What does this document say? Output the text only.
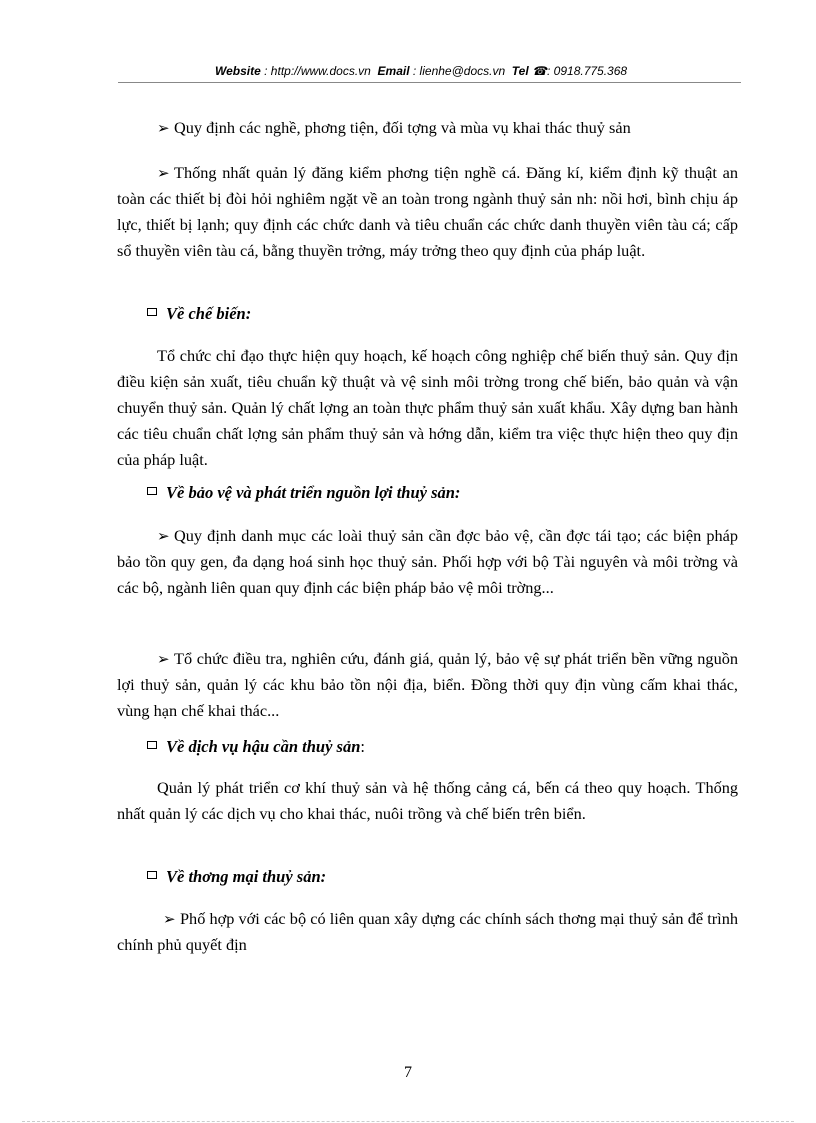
Website : http://www.docs.vn Email : lienhe@docs.vn Tel ☎: 0918.775.368
➢ Quy định các nghề, phơng tiện, đối tợng và mùa vụ khai thác thuỷ sản
➢ Thống nhất quản lý đăng kiểm phơng tiện nghề cá. Đăng kí, kiểm định kỹ thuật an toàn các thiết bị đòi hỏi nghiêm ngặt về an toàn trong ngành thuỷ sản nh: nồi hơi, bình chịu áp lực, thiết bị lạnh; quy định các chức danh và tiêu chuẩn các chức danh thuyền viên tàu cá; cấp sổ thuyền viên tàu cá, bằng thuyền trởng, máy trởng theo quy định của pháp luật.
Về chế biến:
Tổ chức chỉ đạo thực hiện quy hoạch, kế hoạch công nghiệp chế biến thuỷ sản. Quy địn điều kiện sản xuất, tiêu chuẩn kỹ thuật và vệ sinh môi trờng trong chế biến, bảo quản và vận chuyển thuỷ sản. Quản lý chất lợng an toàn thực phẩm thuỷ sản xuất khẩu. Xây dựng ban hành các tiêu chuẩn chất lợng sản phẩm thuỷ sản và hớng dẫn, kiểm tra việc thực hiện theo quy địn của pháp luật.
Về bảo vệ và phát triển nguồn lợi thuỷ sản:
➢ Quy định danh mục các loài thuỷ sản cần đợc bảo vệ, cần đợc tái tạo; các biện pháp bảo tồn quy gen, đa dạng hoá sinh học thuỷ sản. Phối hợp với bộ Tài nguyên và môi trờng và các bộ, ngành liên quan quy định các biện pháp bảo vệ môi trờng...
➢ Tổ chức điều tra, nghiên cứu, đánh giá, quản lý, bảo vệ sự phát triển bền vững nguồn lợi thuỷ sản, quản lý các khu bảo tồn nội địa, biển. Đồng thời quy địn vùng cấm khai thác, vùng hạn chế khai thác...
Về dịch vụ hậu cần thuỷ sản:
Quản lý phát triển cơ khí thuỷ sản và hệ thống cảng cá, bến cá theo quy hoạch. Thống nhất quản lý các dịch vụ cho khai thác, nuôi trồng và chế biến trên biển.
Về thơng mại thuỷ sản:
➢ Phố hợp với các bộ có liên quan xây dựng các chính sách thơng mại thuỷ sản để trình chính phủ quyết địn
7
